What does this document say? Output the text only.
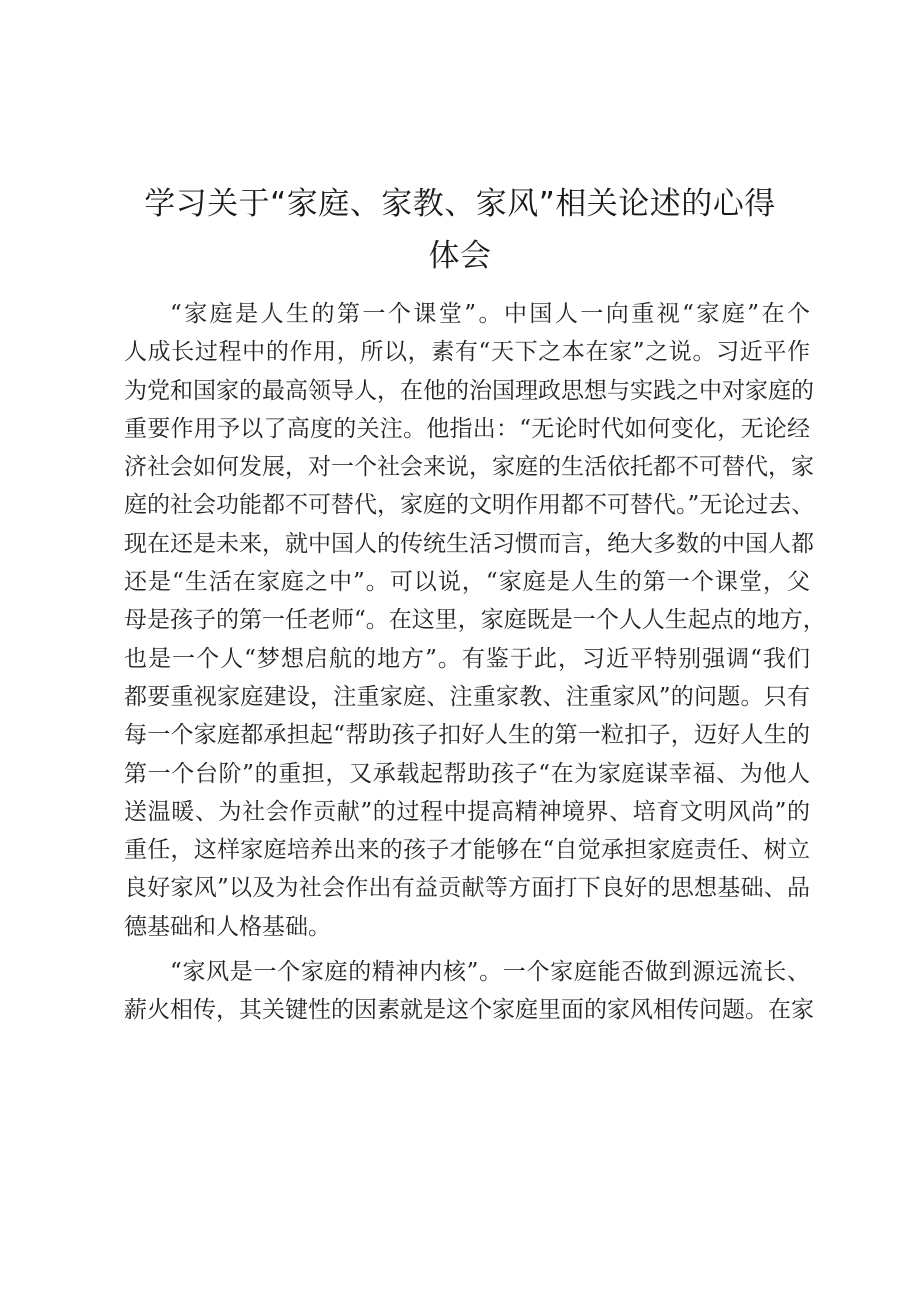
学习关于“家庭、家教、家风”相关论述的心得
体会
“家庭是人生的第一个课堂”。中国人一向重视“家庭”在个
人成长过程中的作用，所以，素有“天下之本在家”之说。习近平作
为党和国家的最高领导人，在他的治国理政思想与实践之中对家庭的
重要作用予以了高度的关注。他指出：“无论时代如何变化，无论经
济社会如何发展，对一个社会来说，家庭的生活依托都不可替代，家
庭的社会功能都不可替代，家庭的文明作用都不可替代。”无论过去、
现在还是未来，就中国人的传统生活习惯而言，绝大多数的中国人都
还是“生活在家庭之中”。可以说，“家庭是人生的第一个课堂，父
母是孩子的第一任老师“。在这里，家庭既是一个人人生起点的地方，
也是一个人“梦想启航的地方”。有鉴于此，习近平特别强调“我们
都要重视家庭建设，注重家庭、注重家教、注重家风”的问题。只有
每一个家庭都承担起“帮助孩子扣好人生的第一粒扣子，迈好人生的
第一个台阶”的重担，又承载起帮助孩子“在为家庭谋幸福、为他人
送温暖、为社会作贡献”的过程中提高精神境界、培育文明风尚”的
重任，这样家庭培养出来的孩子才能够在“自觉承担家庭责任、树立
良好家风”以及为社会作出有益贡献等方面打下良好的思想基础、品
德基础和人格基础。
“家风是一个家庭的精神内核”。一个家庭能否做到源远流长、
薪火相传，其关键性的因素就是这个家庭里面的家风相传问题。在家
